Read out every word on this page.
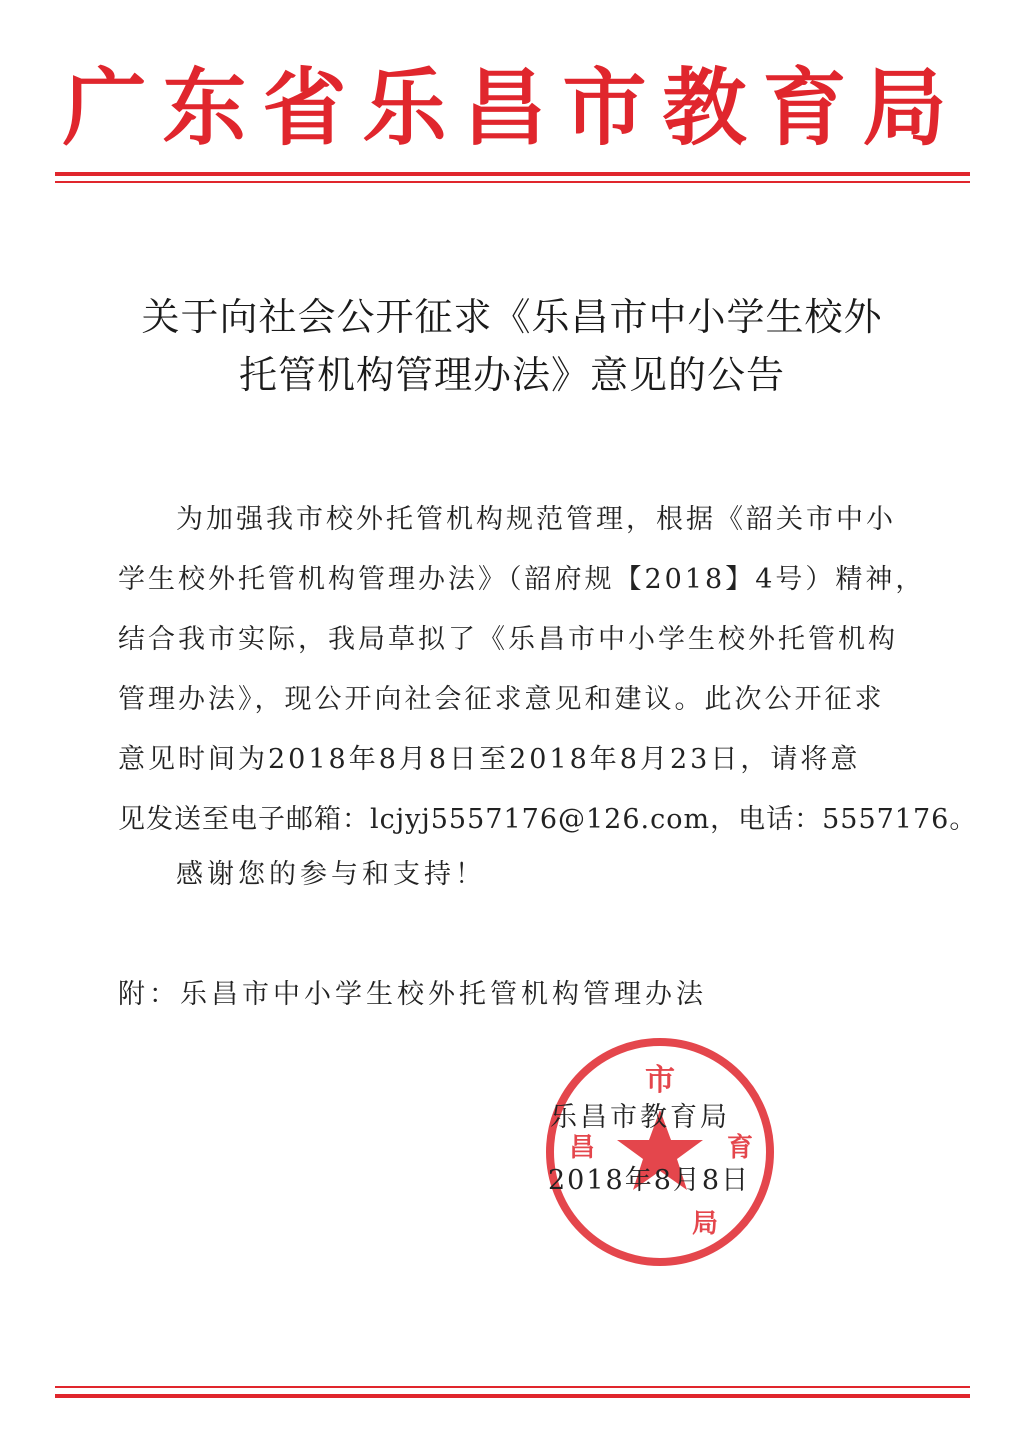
广东省乐昌市教育局
关于向社会公开征求《乐昌市中小学生校外
托管机构管理办法》意见的公告
为加强我市校外托管机构规范管理，根据《韶关市中小
学生校外托管机构管理办法》（韶府规【2018】4号）精神，
结合我市实际，我局草拟了《乐昌市中小学生校外托管机构
管理办法》，现公开向社会征求意见和建议。此次公开征求
意见时间为2018年8月8日至2018年8月23日，请将意
见发送至电子邮箱：lcjyj5557176@126.com，电话：5557176。
感谢您的参与和支持！
附：乐昌市中小学生校外托管机构管理办法
市
昌	育
局
乐昌市教育局
2018年8月8日
